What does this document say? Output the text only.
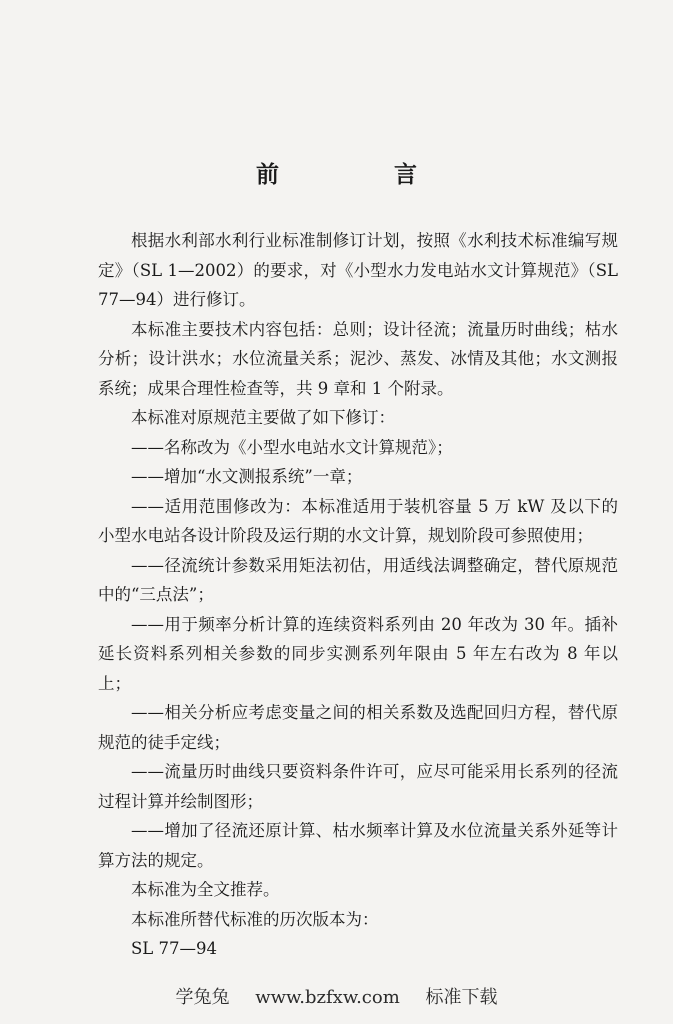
前　言

根据水利部水利行业标准制修订计划，按照《水利技术标准编写规定》（SL 1—2002）的要求，对《小型水力发电站水文计算规范》（SL 77—94）进行修订。

本标准主要技术内容包括：总则；设计径流；流量历时曲线；枯水分析；设计洪水；水位流量关系；泥沙、蒸发、冰情及其他；水文测报系统；成果合理性检查等，共 9 章和 1 个附录。

本标准对原规范主要做了如下修订：

——名称改为《小型水电站水文计算规范》；

——增加“水文测报系统”一章；

——适用范围修改为：本标准适用于装机容量 5 万 kW 及以下的小型水电站各设计阶段及运行期的水文计算，规划阶段可参照使用；

——径流统计参数采用矩法初估，用适线法调整确定，替代原规范中的“三点法”；

——用于频率分析计算的连续资料系列由 20 年改为 30 年。插补延长资料系列相关参数的同步实测系列年限由 5 年左右改为 8 年以上；

——相关分析应考虑变量之间的相关系数及选配回归方程，替代原规范的徒手定线；

——流量历时曲线只要资料条件许可，应尽可能采用长系列的径流过程计算并绘制图形；

——增加了径流还原计算、枯水频率计算及水位流量关系外延等计算方法的规定。

本标准为全文推荐。

本标准所替代标准的历次版本为：

SL 77—94

学兔兔 www.bzfxw.com 标准下载
